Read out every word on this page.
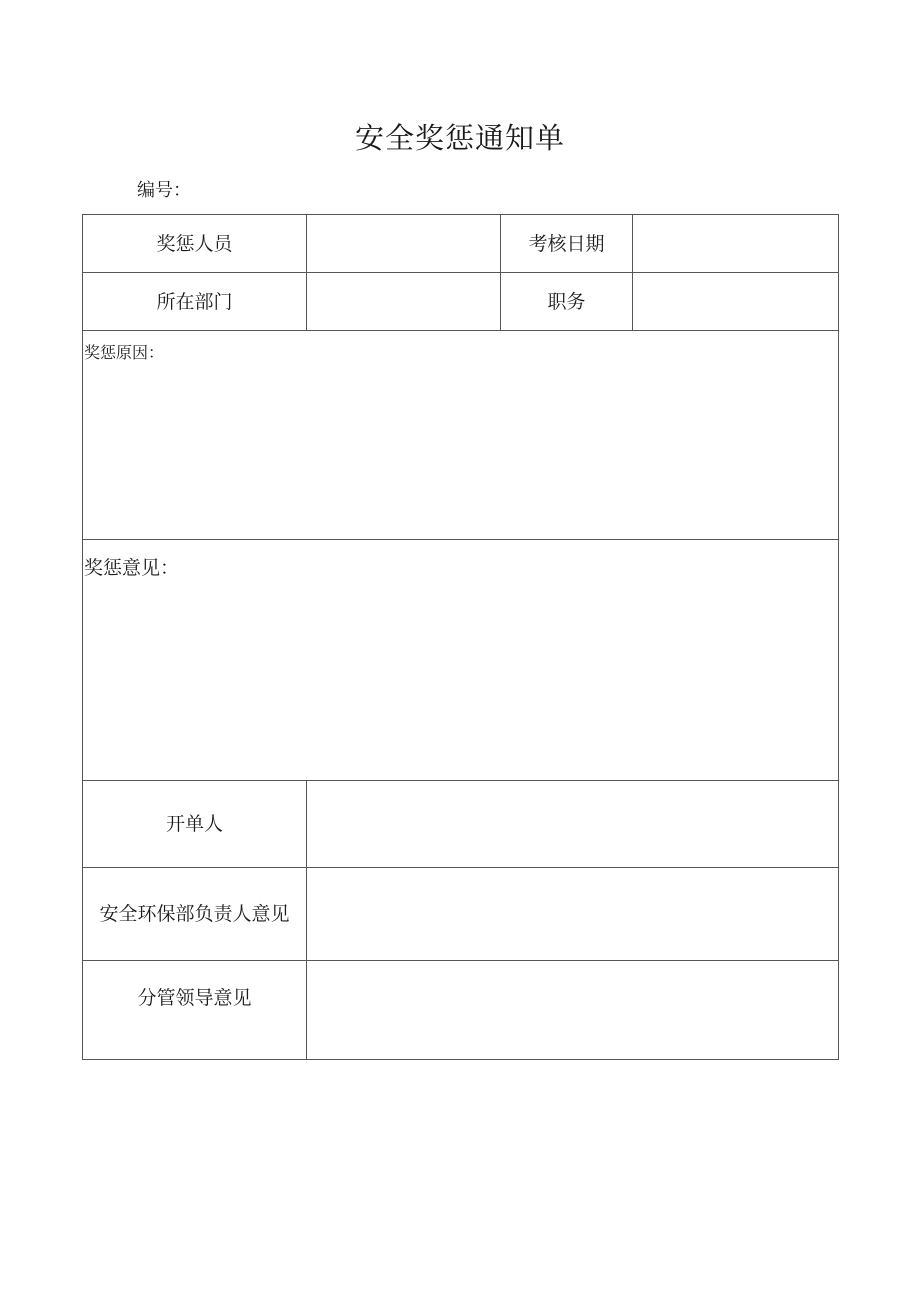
安全奖惩通知单
编号：
奖惩人员		考核日期	
所在部门		职务	

奖惩原因：			

奖惩意见：			

开单人			
安全环保部负责人意见			

分管领导意见			
